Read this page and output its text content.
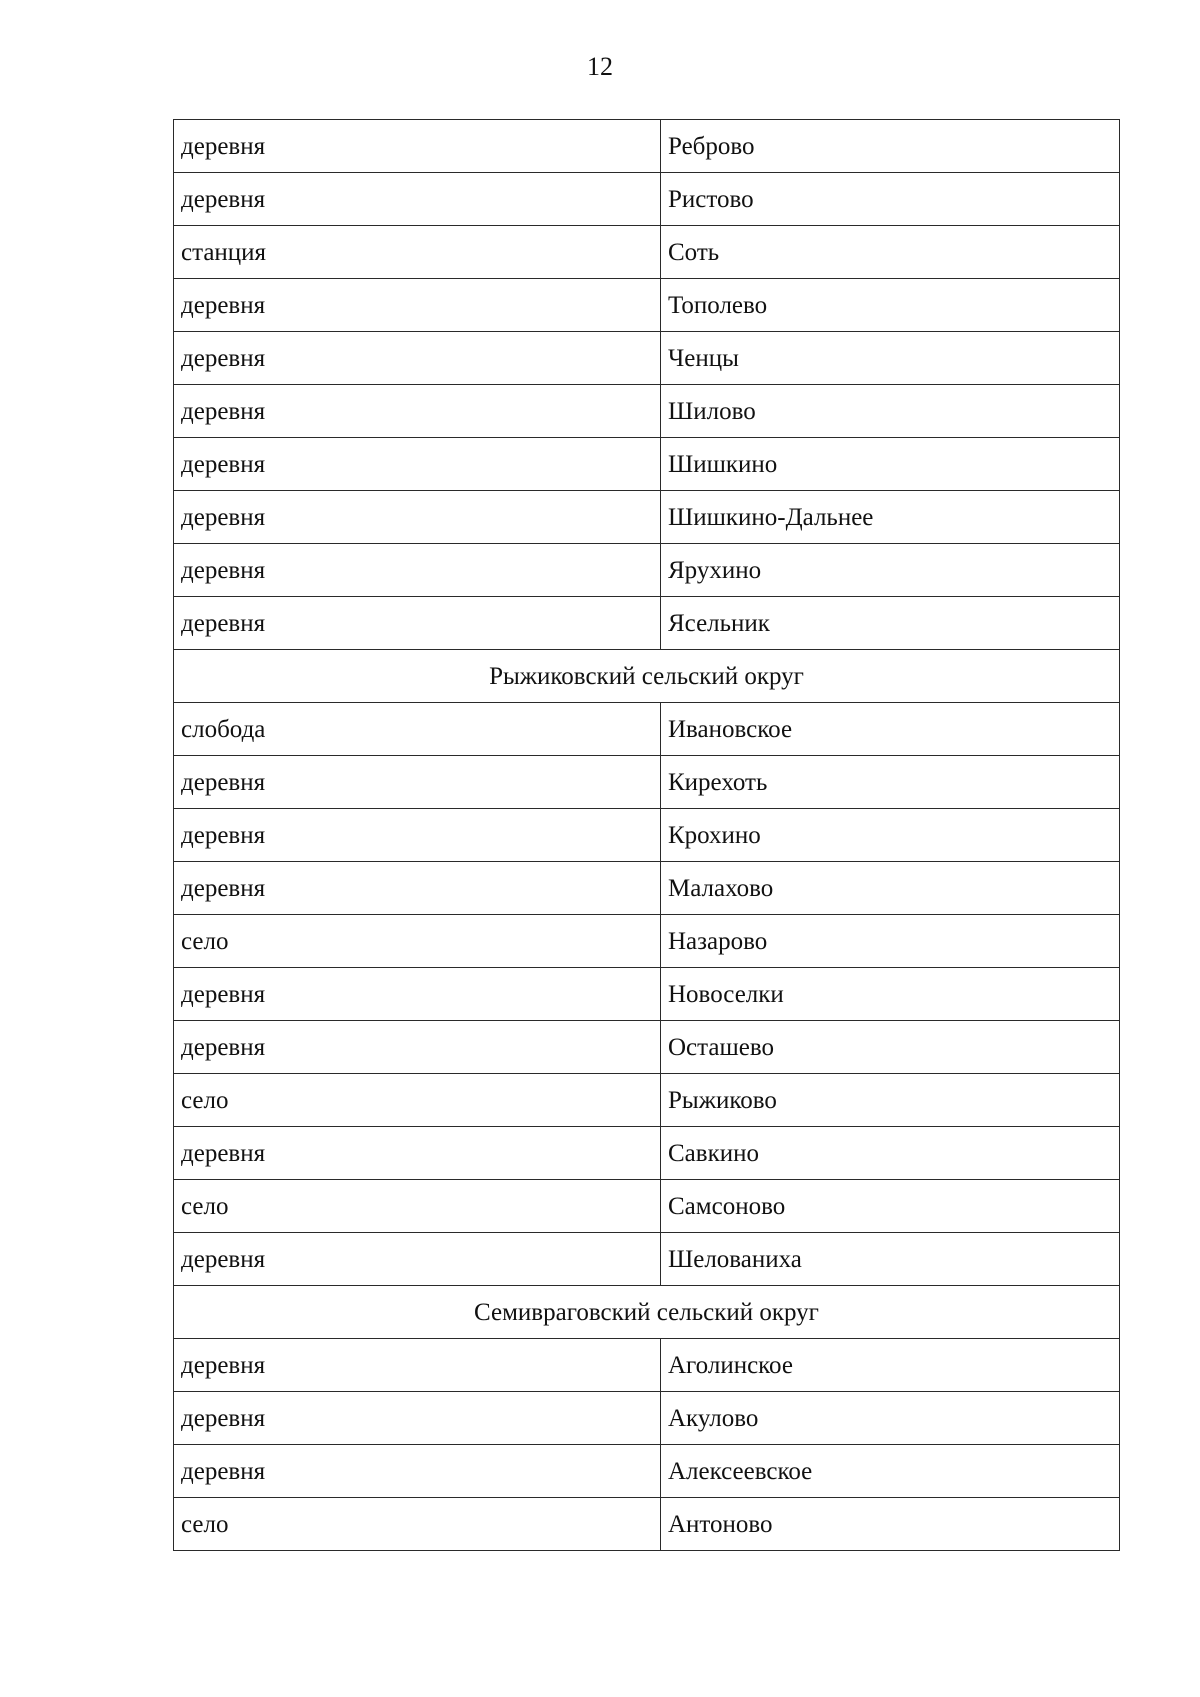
12
деревня	Реброво
деревня	Ристово
станция	Соть
деревня	Тополево
деревня	Ченцы
деревня	Шилово
деревня	Шишкино
деревня	Шишкино-Дальнее
деревня	Ярухино
деревня	Ясельник
Рыжиковский сельский округ	
слобода	Ивановское
деревня	Кирехоть
деревня	Крохино
деревня	Малахово
село	Назарово
деревня	Новоселки
деревня	Осташево
село	Рыжиково
деревня	Савкино
село	Самсоново
деревня	Шелованиха
Семивраговский сельский округ	
деревня	Аголинское
деревня	Акулово
деревня	Алексеевское
село	Антоново
